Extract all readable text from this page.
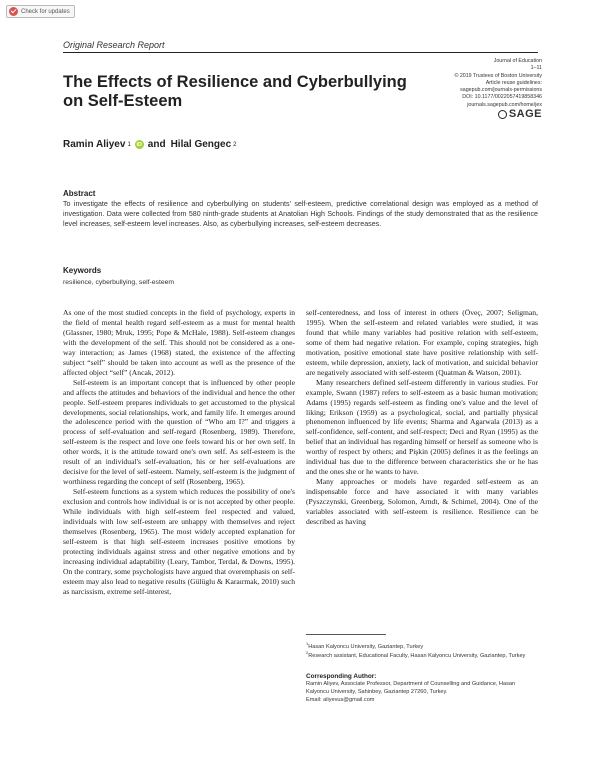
Check for updates
Original Research Report
The Effects of Resilience and Cyberbullying on Self-Esteem
Journal of Education
1–11
© 2019 Trustees of Boston University
Article reuse guidelines:
sagepub.com/journals-permissions
DOI: 10.1177/0022057419858346
journals.sagepub.com/home/jex
SAGE
Ramin Aliyev 1	iD and Hilal Gengec 2
Abstract

To investigate the effects of resilience and cyberbullying on students' self-esteem, predictive correlational design was employed as a method of investigation. Data were collected from 580 ninth-grade students at Anatolian High Schools. Findings of the study demonstrated that as the resilience level increases, self-esteem level increases. Also, as cyberbullying increases, self-esteem decreases.

Keywords
resilience, cyberbullying, self-esteem

As one of the most studied concepts in the field of psychology, experts in the field of mental health regard self-esteem as a must for mental health (Glassner, 1980; Mruk, 1995; Pope & McHale, 1988). Self-esteem changes with the development of the self. This should not be considered as a one-way interaction; as James (1968) stated, the existence of the affecting subject “self” should be taken into account as well as the presence of the affected object “self” (Ancak, 2012).

Self-esteem is an important concept that is influenced by other people and affects the attitudes and behaviors of the individual and hence the other people. Self-esteem prepares individuals to get accustomed to the physical developments, social relationships, work, and family life. It emerges around the adolescence period with the question of “Who am I?” and triggers a process of self-evaluation and self-regard (Rosenberg, 1989). Therefore, self-esteem is the respect and love one feels toward his or her own self. In other words, it is the attitude toward one's own self. As self-esteem is the result of an individual's self-evaluation, his or her self-evaluations are decisive for the level of self-esteem. Namely, self-esteem is the judgment of worthiness regarding the concept of self (Rosenberg, 1965).

Self-esteem functions as a system which reduces the possibility of one's exclusion and controls how individual is or is not accepted by other people. While individuals with high self-esteem feel respected and valued, individuals with low self-esteem are unhappy with themselves and reject themselves (Rosenberg, 1965). The most widely accepted explanation for self-esteem is that high self-esteem increases positive emotions by protecting individuals against stress and other negative emotions and by increasing individual adaptability (Leary, Tambor, Terdal, & Downs, 1995). On the contrary, some psychologists have argued that overemphasis on self-esteem may also lead to negative results (Gülüglu & Karaırmak, 2010) such as narcissism, extreme self-interest,

self-centeredness, and loss of interest in others (Öveç, 2007; Seligman, 1995). When the self-esteem and related variables were studied, it was found that while many variables had positive relation with self-esteem, some of them had negative relation. For example, coping strategies, high motivation, positive emotional state have positive relationship with self-esteem, while depression, anxiety, lack of motivation, and suicidal behavior are negatively associated with self-esteem (Quatman & Watson, 2001).

Many researchers defined self-esteem differently in various studies. For example, Swann (1987) refers to self-esteem as a basic human motivation; Adams (1995) regards self-esteem as finding one's value and the level of liking; Erikson (1959) as a psychological, social, and partially physical phenomenon influenced by life events; Sharma and Agarwala (2013) as a self-confidence, self-content, and self-respect; Deci and Ryan (1995) as the belief that an individual has regarding himself or herself as someone who is worthy of respect by others; and Pişkin (2005) defines it as the feelings an individual has due to the difference between characteristics she or he has and the ones she or he wants to have.

Many approaches or models have regarded self-esteem as an indispensable force and have associated it with many variables (Pyszczynski, Greenberg, Solomon, Arndt, & Schimel, 2004). One of the variables associated with self-esteem is resilience. Resilience can be described as having

$^1$Hasan Kalyoncu University, Gaziantep, Turkey
$^2$Research assistant, Educational Faculty, Hasan Kalyoncu University, Gaziantep, Turkey
Corresponding Author:
Ramin Aliyev, Associate Professor, Department of Counselling and Guidance, Hasan Kalyoncu University, Sahinbey, Gaziantep 27260, Turkey.
Email: aliyevus@gmail.com
